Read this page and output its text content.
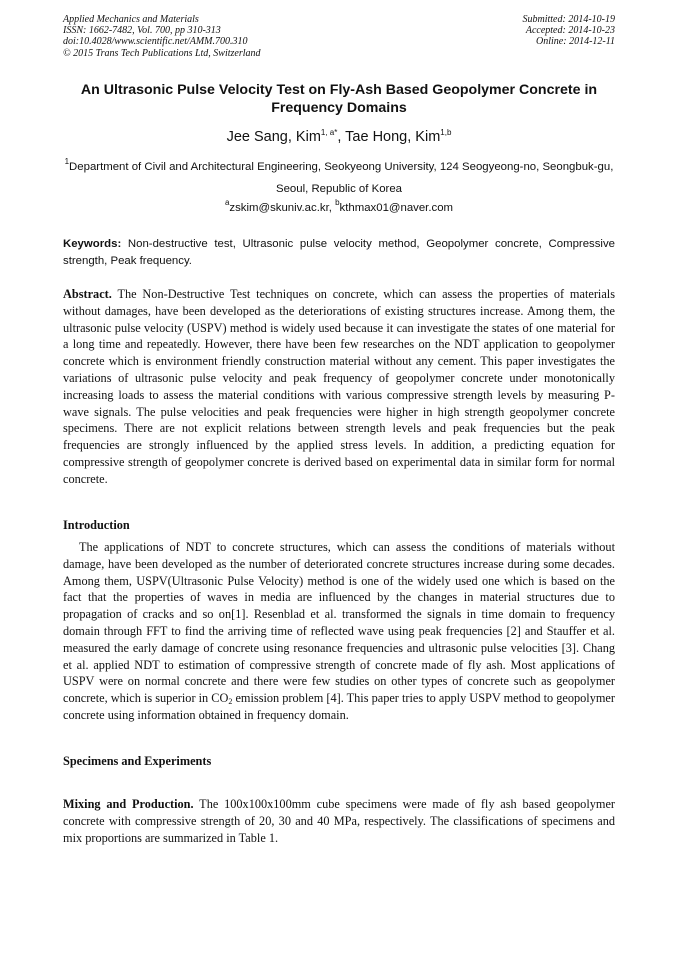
Applied Mechanics and Materials
ISSN: 1662-7482, Vol. 700, pp 310-313
doi:10.4028/www.scientific.net/AMM.700.310
© 2015 Trans Tech Publications Ltd, Switzerland
Submitted: 2014-10-19
Accepted: 2014-10-23
Online: 2014-12-11
An Ultrasonic Pulse Velocity Test on Fly-Ash Based Geopolymer Concrete in Frequency Domains
Jee Sang, Kim$^{1, a*}$, Tae Hong, Kim$^{1,b}$
$^1$Department of Civil and Architectural Engineering, Seokyeong University, 124 Seogyeong-no, Seongbuk-gu, Seoul, Republic of Korea
$^a$zskim@skuniv.ac.kr, $^b$kthmax01@naver.com
Keywords: Non-destructive test, Ultrasonic pulse velocity method, Geopolymer concrete, Compressive strength, Peak frequency.
Abstract. The Non-Destructive Test techniques on concrete, which can assess the properties of materials without damages, have been developed as the deteriorations of existing structures increase. Among them, the ultrasonic pulse velocity (USPV) method is widely used because it can investigate the states of one material for a long time and repeatedly. However, there have been few researches on the NDT application to geopolymer concrete which is environment friendly construction material without any cement. This paper investigates the variations of ultrasonic pulse velocity and peak frequency of geopolymer concrete under monotonically increasing loads to assess the material conditions with various compressive strength levels by measuring P-wave signals. The pulse velocities and peak frequencies were higher in high strength geopolymer concrete specimens. There are not explicit relations between strength levels and peak frequencies but the peak frequencies are strongly influenced by the applied stress levels. In addition, a predicting equation for compressive strength of geopolymer concrete is derived based on experimental data in similar form for normal concrete.
Introduction
The applications of NDT to concrete structures, which can assess the conditions of materials without damage, have been developed as the number of deteriorated concrete structures increase during some decades. Among them, USPV(Ultrasonic Pulse Velocity) method is one of the widely used one which is based on the fact that the properties of waves in media are influenced by the changes in material structures due to propagation of cracks and so on[1]. Resenblad et al. transformed the signals in time domain to frequency domain through FFT to find the arriving time of reflected wave using peak frequencies [2] and Stauffer et al. measured the early damage of concrete using resonance frequencies and ultrasonic pulse velocities [3]. Chang et al. applied NDT to estimation of compressive strength of concrete made of fly ash. Most applications of USPV were on normal concrete and there were few studies on other types of concrete such as geopolymer concrete, which is superior in $CO_2$ emission problem [4]. This paper tries to apply USPV method to geopolymer concrete using information obtained in frequency domain.
Specimens and Experiments
Mixing and Production. The 100x100x100mm cube specimens were made of fly ash based geopolymer concrete with compressive strength of 20, 30 and 40 MPa, respectively. The classifications of specimens and mix proportions are summarized in Table 1.
